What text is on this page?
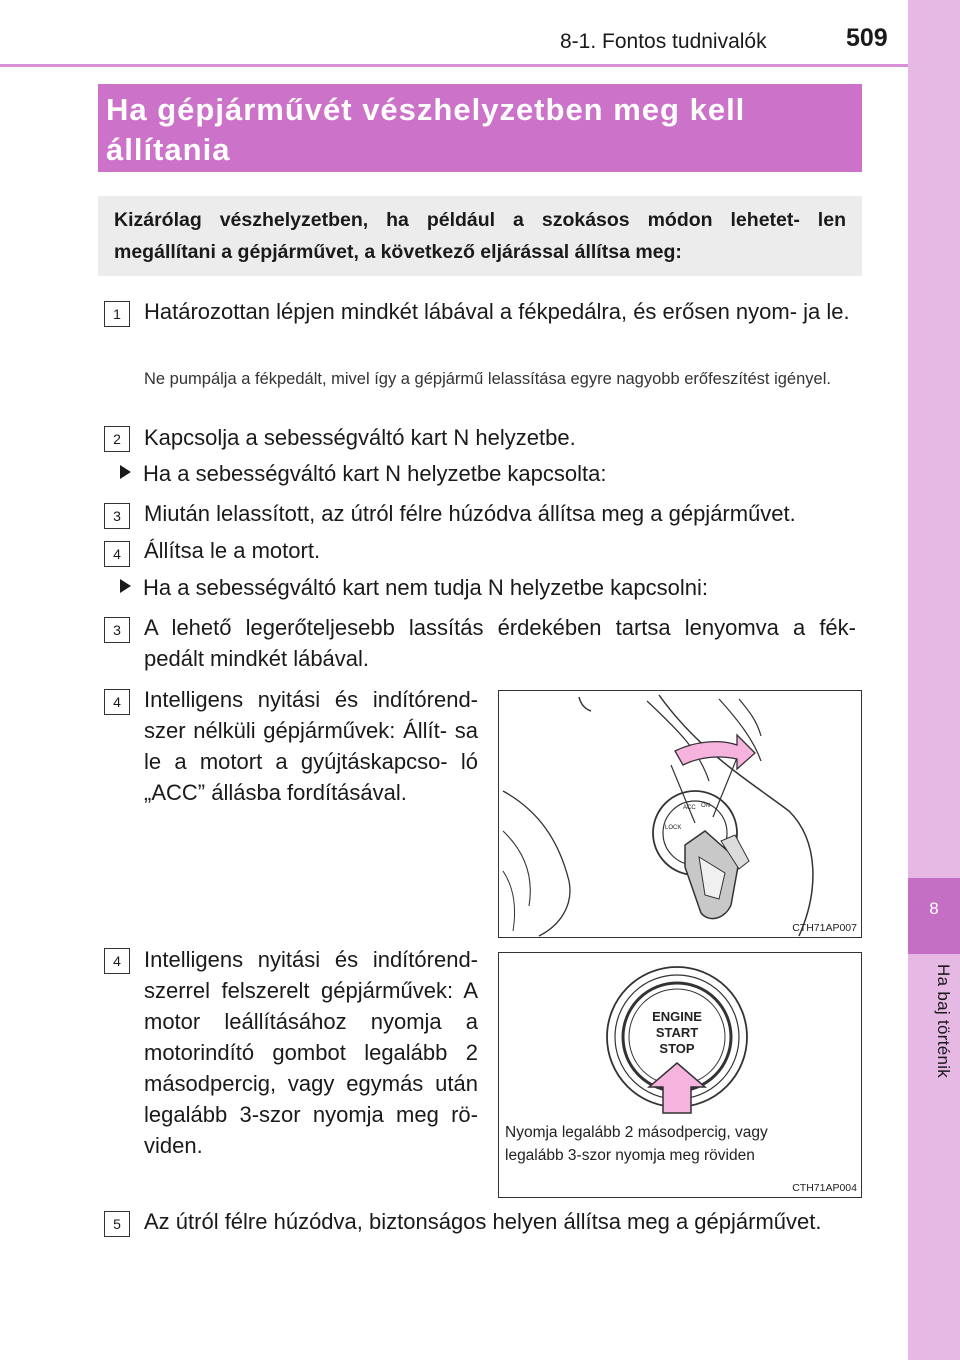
8-1. Fontos tudnivalók	509
8
Ha baj történik
Ha gépjárművét vészhelyzetben meg kell állítania
Kizárólag vészhelyzetben, ha például a szokásos módon lehetet- len megállítani a gépjárművet, a következő eljárással állítsa meg:
1	Határozottan lépjen mindkét lábával a fékpedálra, és erősen nyom- ja le.
Ne pumpálja a fékpedált, mivel így a gépjármű lelassítása egyre nagyobb erőfeszítést igényel.
2	Kapcsolja a sebességváltó kart N helyzetbe.
Ha a sebességváltó kart N helyzetbe kapcsolta:
3	Miután lelassított, az útról félre húzódva állítsa meg a gépjárművet.
4	Állítsa le a motort.
Ha a sebességváltó kart nem tudja N helyzetbe kapcsolni:
3	A lehető legerőteljesebb lassítás érdekében tartsa lenyomva a fék- pedált mindkét lábával.
4	Intelligens nyitási és indítórend- szer nélküli gépjárművek: Állít- sa le a motort a gyújtáskapcso- ló „ACC” állásba fordításával.
LOCK
ACC ON
CTH71AP007
4	Intelligens nyitási és indítórend- szerrel felszerelt gépjárművek: A motor leállításához nyomja a motorindító gombot legalább 2 másodpercig, vagy egymás után legalább 3-szor nyomja meg rö- viden.
ENGINE
START
STOP
Nyomja legalább 2 másodpercig, vagy
legalább 3-szor nyomja meg röviden
CTH71AP004
5	Az útról félre húzódva, biztonságos helyen állítsa meg a gépjárművet.
